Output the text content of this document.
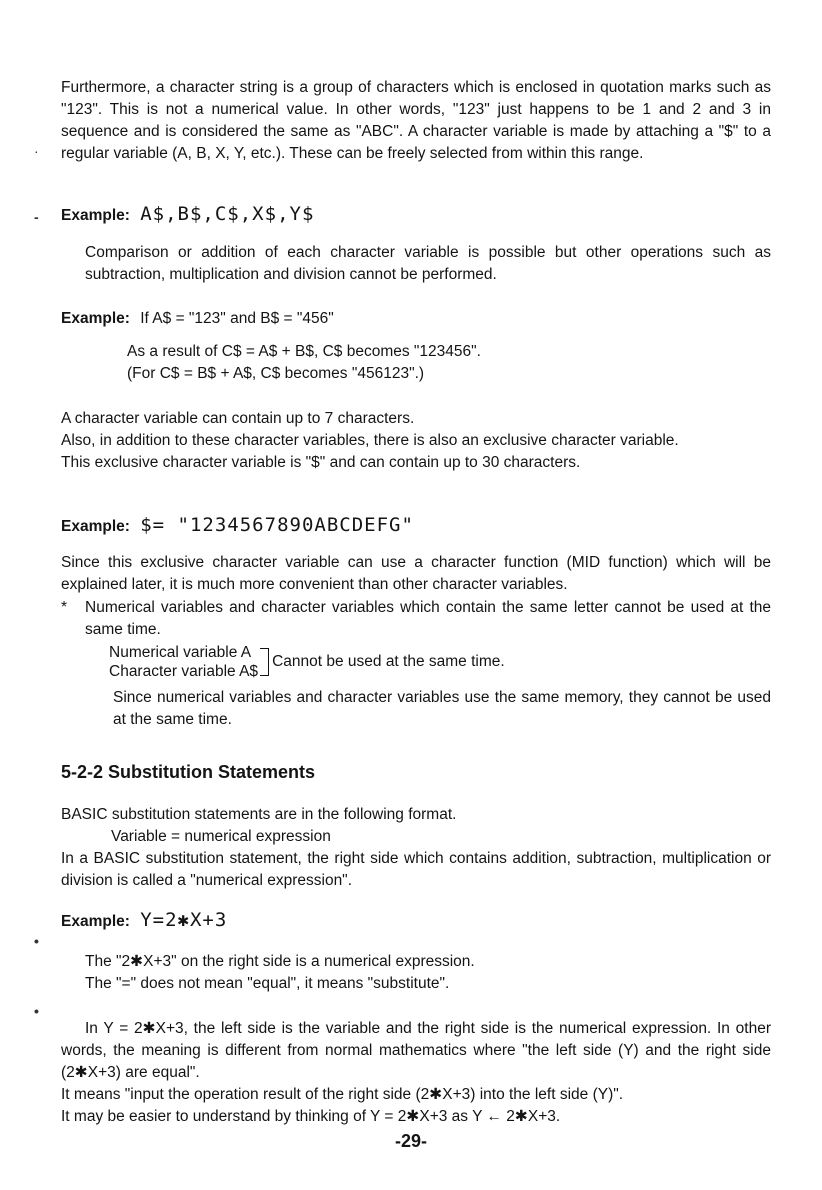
·
-
•
•

Furthermore, a character string is a group of characters which is enclosed in quotation marks such as "123". This is not a numerical value. In other words, "123" just happens to be 1 and 2 and 3 in sequence and is considered the same as "ABC". A character variable is made by attaching a "$" to a regular variable (A, B, X, Y, etc.). These can be freely selected from within this range.

Example: A$,B$,C$,X$,Y$

Comparison or addition of each character variable is possible but other operations such as subtraction, multiplication and division cannot be performed.

Example: If A$ = "123" and B$ = "456"

As a result of C$ = A$ + B$, C$ becomes "123456".

(For C$ = B$ + A$, C$ becomes "456123".)

A character variable can contain up to 7 characters.

Also, in addition to these character variables, there is also an exclusive character variable.

This exclusive character variable is "$" and can contain up to 30 characters.

Example: $= "1234567890ABCDEFG"

Since this exclusive character variable can use a character function (MID function) which will be explained later, it is much more convenient than other character variables.

*	Numerical variables and character variables which contain the same letter cannot be used at the same time.

Numerical variable A
Character variable A$
Cannot be used at the same time.

Since numerical variables and character variables use the same memory, they cannot be used at the same time.

5-2-2 Substitution Statements

BASIC substitution statements are in the following format.

Variable = numerical expression

In a BASIC substitution statement, the right side which contains addition, subtraction, multiplication or division is called a "numerical expression".

Example: Y=2✱X+3

The "2✱X+3" on the right side is a numerical expression.

The "=" does not mean "equal", it means "substitute".

In Y = 2✱X+3, the left side is the variable and the right side is the numerical expression. In other words, the meaning is different from normal mathematics where "the left side (Y) and the right side (2✱X+3) are equal".

It means "input the operation result of the right side (2✱X+3) into the left side (Y)".

It may be easier to understand by thinking of Y = 2✱X+3 as Y ← 2✱X+3.

-29-
